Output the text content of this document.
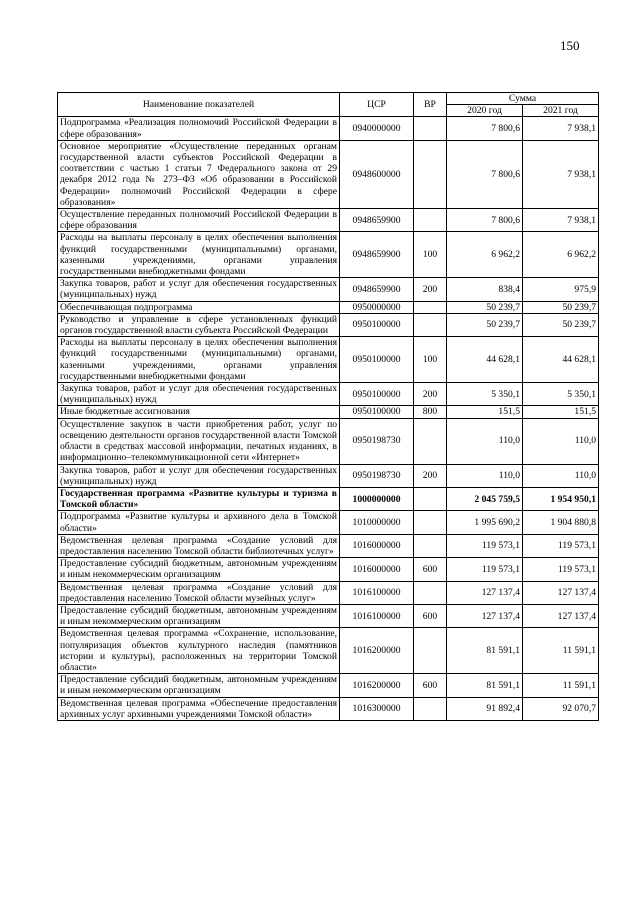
150
Наименование показателей	ЦСР	ВР	Сумма	
			2020 год	2021 год
Подпрограмма «Реализация полномочий Российской Федерации в сфере образования»	0940000000		7 800,6	7 938,1
Основное мероприятие «Осуществление переданных органам государственной власти субъектов Российской Федерации в соответствии с частью 1 статьи 7 Федерального закона от 29 декабря 2012 года № 273–ФЗ «Об образовании в Российской Федерации» полномочий Российской Федерации в сфере образования»	0948600000		7 800,6	7 938,1
Осуществление переданных полномочий Российской Федерации в сфере образования	0948659900		7 800,6	7 938,1
Расходы на выплаты персоналу в целях обеспечения выполнения функций государственными (муниципальными) органами, казенными учреждениями, органами управления государственными внебюджетными фондами	0948659900	100	6 962,2	6 962,2
Закупка товаров, работ и услуг для обеспечения государственных (муниципальных) нужд	0948659900	200	838,4	975,9
Обеспечивающая подпрограмма	0950000000		50 239,7	50 239,7
Руководство и управление в сфере установленных функций органов государственной власти субъекта Российской Федерации	0950100000		50 239,7	50 239,7
Расходы на выплаты персоналу в целях обеспечения выполнения функций государственными (муниципальными) органами, казенными учреждениями, органами управления государственными внебюджетными фондами	0950100000	100	44 628,1	44 628,1
Закупка товаров, работ и услуг для обеспечения государственных (муниципальных) нужд	0950100000	200	5 350,1	5 350,1
Иные бюджетные ассигнования	0950100000	800	151,5	151,5
Осуществление закупок в части приобретения работ, услуг по освещению деятельности органов государственной власти Томской области в средствах массовой информации, печатных изданиях, в информационно–телекоммуникационной сети «Интернет»	0950198730		110,0	110,0
Закупка товаров, работ и услуг для обеспечения государственных (муниципальных) нужд	0950198730	200	110,0	110,0
Государственная программа «Развитие культуры и туризма в Томской области»	1000000000		2 045 759,5	1 954 950,1
Подпрограмма «Развитие культуры и архивного дела в Томской области»	1010000000		1 995 690,2	1 904 880,8
Ведомственная целевая программа «Создание условий для предоставления населению Томской области библиотечных услуг»	1016000000		119 573,1	119 573,1
Предоставление субсидий бюджетным, автономным учреждениям и иным некоммерческим организациям	1016000000	600	119 573,1	119 573,1
Ведомственная целевая программа «Создание условий для предоставления населению Томской области музейных услуг»	1016100000		127 137,4	127 137,4
Предоставление субсидий бюджетным, автономным учреждениям и иным некоммерческим организациям	1016100000	600	127 137,4	127 137,4
Ведомственная целевая программа «Сохранение, использование, популяризация объектов культурного наследия (памятников истории и культуры), расположенных на территории Томской области»	1016200000		81 591,1	11 591,1
Предоставление субсидий бюджетным, автономным учреждениям и иным некоммерческим организациям	1016200000	600	81 591,1	11 591,1
Ведомственная целевая программа «Обеспечение предоставления архивных услуг архивными учреждениями Томской области»	1016300000		91 892,4	92 070,7
